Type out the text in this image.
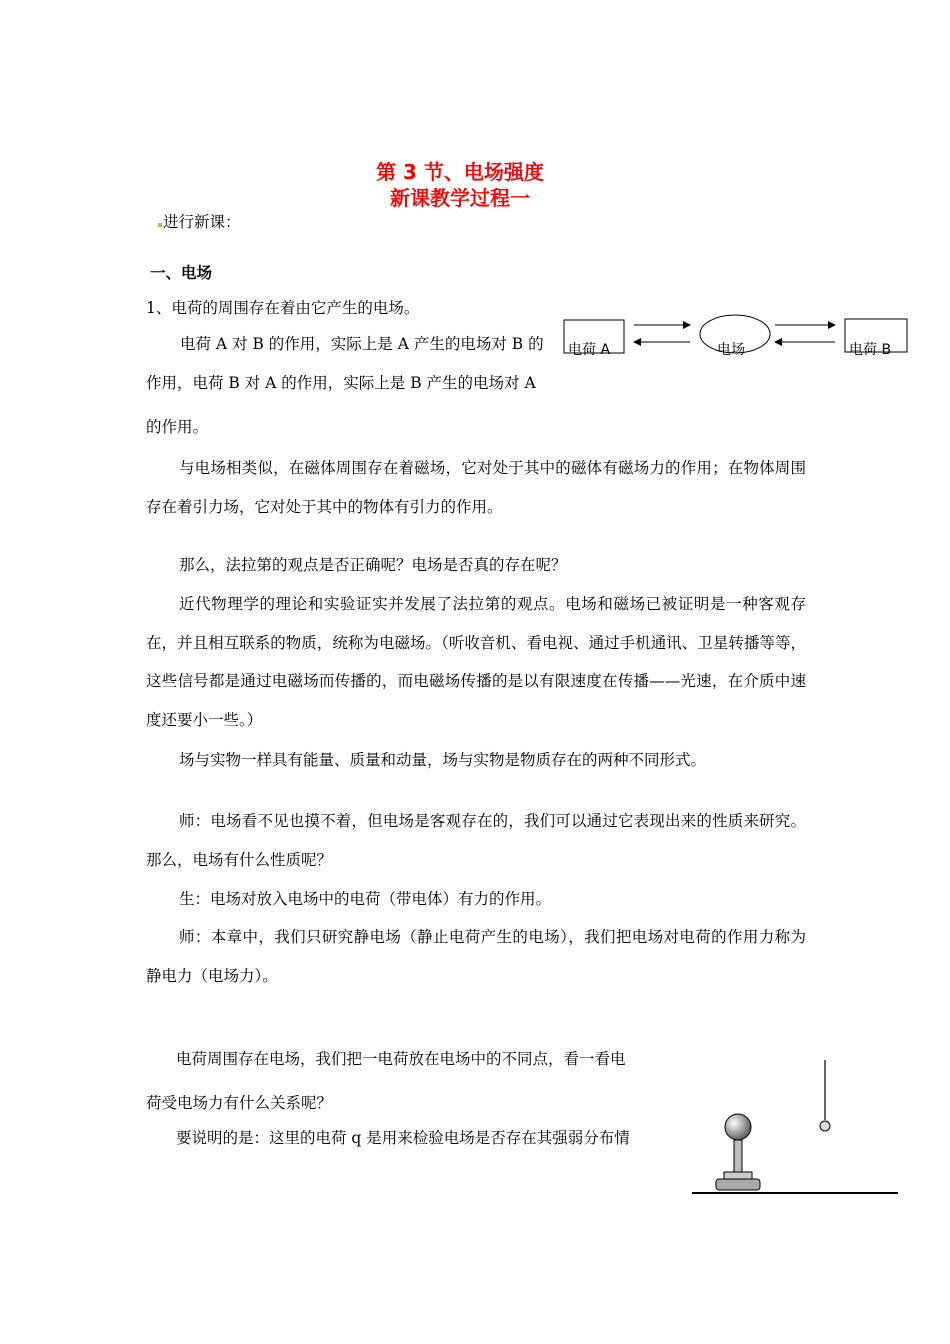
第 3 节、电场强度
新课教学过程一
进行新课：
一、电场
1、电荷的周围存在着由它产生的电场。
电荷 A 对 B 的作用，实际上是 A 产生的电场对 B 的
作用，电荷 B 对 A 的作用，实际上是 B 产生的电场对 A
的作用。
电荷 A	电场	电荷 B
与电场相类似，在磁体周围存在着磁场，它对处于其中的磁体有磁场力的作用；在物体周围存在着引力场，它对处于其中的物体有引力的作用。
那么，法拉第的观点是否正确呢？电场是否真的存在呢？
近代物理学的理论和实验证实并发展了法拉第的观点。电场和磁场已被证明是一种客观存在，并且相互联系的物质，统称为电磁场。（听收音机、看电视、通过手机通讯、卫星转播等等，这些信号都是通过电磁场而传播的，而电磁场传播的是以有限速度在传播——光速，在介质中速度还要小一些。）
场与实物一样具有能量、质量和动量，场与实物是物质存在的两种不同形式。
师：电场看不见也摸不着，但电场是客观存在的，我们可以通过它表现出来的性质来研究。那么，电场有什么性质呢？
生：电场对放入电场中的电荷（带电体）有力的作用。
师：本章中，我们只研究静电场（静止电荷产生的电场），我们把电场对电荷的作用力称为静电力（电场力）。
电荷周围存在电场，我们把一电荷放在电场中的不同点，看一看电
荷受电场力有什么关系呢？
要说明的是：这里的电荷 q 是用来检验电场是否存在其强弱分布情
